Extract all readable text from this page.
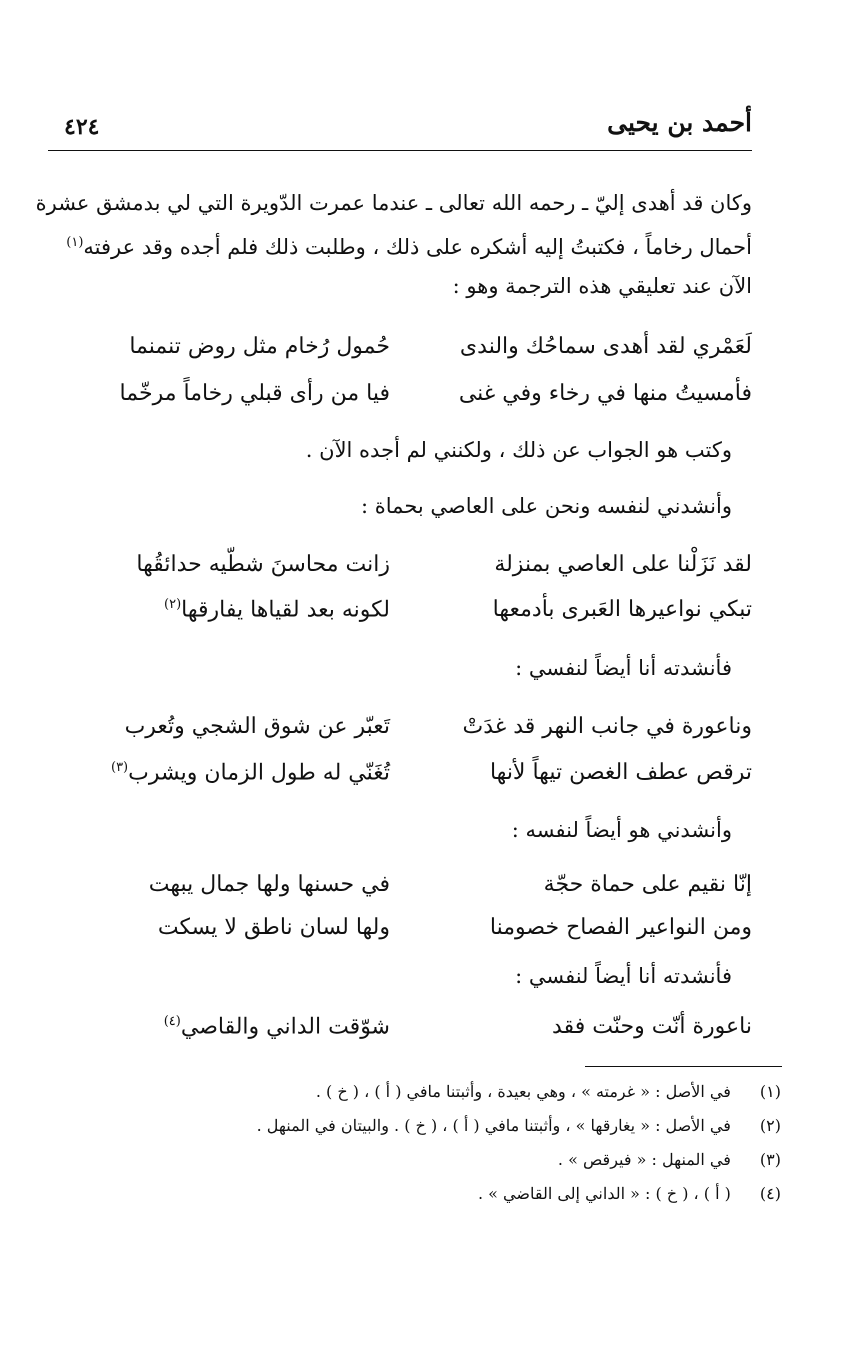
أحمد بن يحيى
٤٢٤
وكان قد أهدى إليّ ـ رحمه الله تعالى ـ عندما عمرت الدّويرة التي لي بدمشق عشرة
أحمال رخاماً ، فكتبتُ إليه أشكره على ذلك ، وطلبت ذلك فلم أجده وقد عرفته$^{(١)}$
الآن عند تعليقي هذه الترجمة وهو :
لَعَمْري لقد أهدى سماحُك والندى
حُمول رُخام مثل روض تنمنما
فأمسيتُ منها في رخاء وفي غنى
فيا من رأى قبلي رخاماً مرخّما
وكتب هو الجواب عن ذلك ، ولكنني لم أجده الآن .
وأنشدني لنفسه ونحن على العاصي بحماة :
لقد نَزَلْنا على العاصي بمنزلة
زانت محاسنَ شطّيه حدائقُها
تبكي نواعيرها العَبرى بأدمعها
لكونه بعد لقياها يفارقها$^{(٢)}$
فأنشدته أنا أيضاً لنفسي :
وناعورة في جانب النهر قد غدَتْ
تَعبّر عن شوق الشجي وتُعرب
ترقص عطف الغصن تيهاً لأنها
تُغَنّي له طول الزمان ويشرب$^{(٣)}$
وأنشدني هو أيضاً لنفسه :
إنّا نقيم على حماة حجّة
في حسنها ولها جمال يبهت
ومن النواعير الفصاح خصومنا
ولها لسان ناطق لا يسكت
فأنشدته أنا أيضاً لنفسي :
ناعورة أنّت وحنّت فقد
شوّقت الداني والقاصي$^{(٤)}$
(١) في الأصل : « غرمته » ، وهي بعيدة ، وأثبتنا مافي ( أ ) ، ( خ ) .
(٢) في الأصل : « يغارقها » ، وأثبتنا مافي ( أ ) ، ( خ ) . والبيتان في المنهل .
(٣) في المنهل : « فيرقص » .
(٤) ( أ ) ، ( خ ) : « الداني إلى القاضي » .
